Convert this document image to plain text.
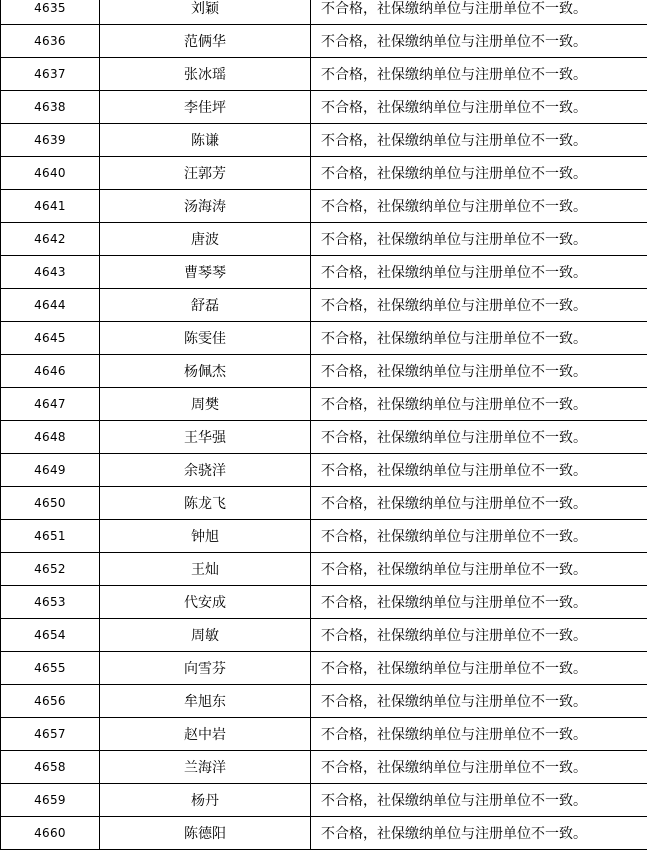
4635	刘颖	不合格，社保缴纳单位与注册单位不一致。
4636	范俩华	不合格，社保缴纳单位与注册单位不一致。
4637	张冰瑶	不合格，社保缴纳单位与注册单位不一致。
4638	李佳坪	不合格，社保缴纳单位与注册单位不一致。
4639	陈谦	不合格，社保缴纳单位与注册单位不一致。
4640	汪郭芳	不合格，社保缴纳单位与注册单位不一致。
4641	汤海涛	不合格，社保缴纳单位与注册单位不一致。
4642	唐波	不合格，社保缴纳单位与注册单位不一致。
4643	曹琴琴	不合格，社保缴纳单位与注册单位不一致。
4644	舒磊	不合格，社保缴纳单位与注册单位不一致。
4645	陈雯佳	不合格，社保缴纳单位与注册单位不一致。
4646	杨佩杰	不合格，社保缴纳单位与注册单位不一致。
4647	周樊	不合格，社保缴纳单位与注册单位不一致。
4648	王华强	不合格，社保缴纳单位与注册单位不一致。
4649	余骁洋	不合格，社保缴纳单位与注册单位不一致。
4650	陈龙飞	不合格，社保缴纳单位与注册单位不一致。
4651	钟旭	不合格，社保缴纳单位与注册单位不一致。
4652	王灿	不合格，社保缴纳单位与注册单位不一致。
4653	代安成	不合格，社保缴纳单位与注册单位不一致。
4654	周敏	不合格，社保缴纳单位与注册单位不一致。
4655	向雪芬	不合格，社保缴纳单位与注册单位不一致。
4656	牟旭东	不合格，社保缴纳单位与注册单位不一致。
4657	赵中岩	不合格，社保缴纳单位与注册单位不一致。
4658	兰海洋	不合格，社保缴纳单位与注册单位不一致。
4659	杨丹	不合格，社保缴纳单位与注册单位不一致。
4660	陈德阳	不合格，社保缴纳单位与注册单位不一致。
